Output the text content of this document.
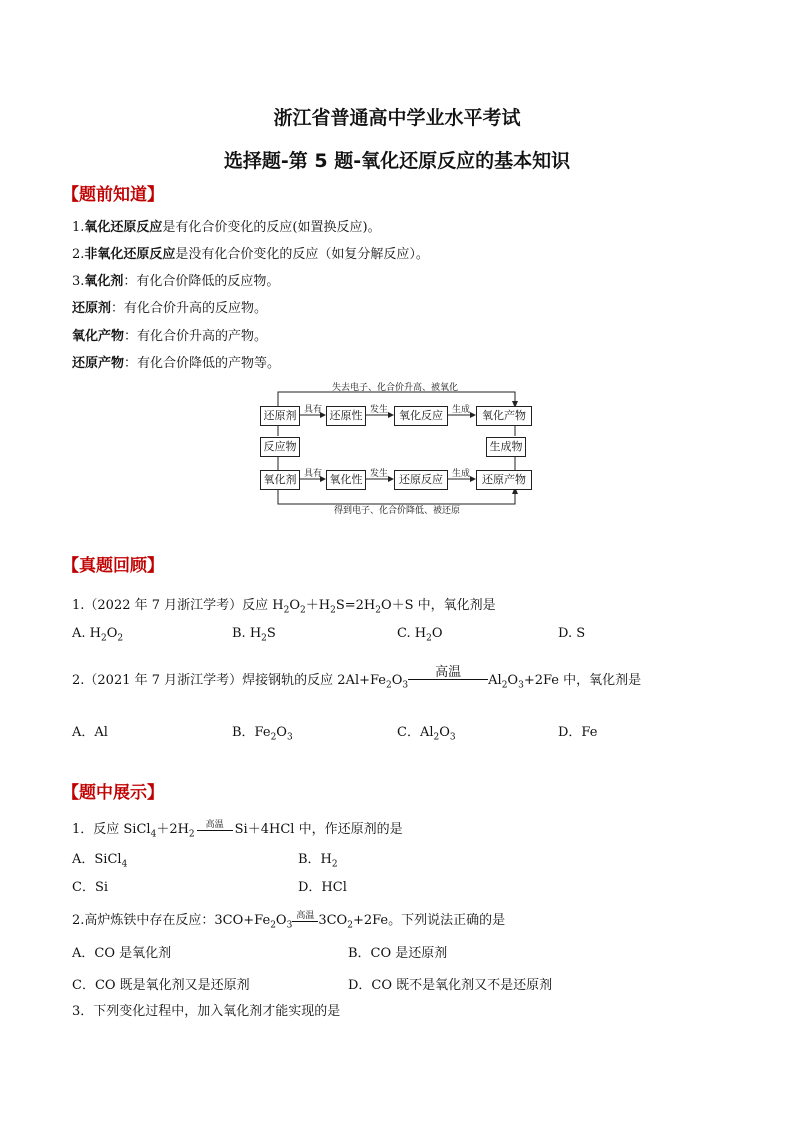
浙江省普通高中学业水平考试
选择题-第 5 题-氧化还原反应的基本知识
【题前知道】
1.氧化还原反应是有化合价变化的反应(如置换反应)。
2.非氧化还原反应是没有化合价变化的反应（如复分解反应）。
3.氧化剂：有化合价降低的反应物。
还原剂：有化合价升高的反应物。
氧化产物：有化合价升高的产物。
还原产物：有化合价降低的产物等。
失去电子、化合价升高、被氧化
得到电子、化合价降低、被还原
还原剂	还原性	氧化反应	氧化产物
反应物	生成物
氧化剂	氧化性	还原反应	还原产物
具有	发生	生成
具有	发生	生成
【真题回顾】
1.（2022 年 7 月浙江学考）反应 $H_2O_2+H_2S=2H_2O+S$ 中，氧化剂是
A. $H_2O_2$	B. $H_2S$	C. $H_2O$	D. S
2.（2021 年 7 月浙江学考）焊接钢轨的反应 $2Al+Fe_2O_3$
高温
$Al_2O_3+2Fe$ 中，氧化剂是
A．Al	B．$Fe_2O_3$	C．$Al_2O_3$	D．Fe
【题中展示】
1．反应 $SiCl_4+2H_2$
高温 Si＋4HCl 中，作还原剂的是
A．SiCl$_4$	B．$H_2$
C．Si	D．HCl
2.高炉炼铁中存在反应：$3CO+Fe_2O_3$
高温 $3CO_2+2Fe$。下列说法正确的是
A．CO 是氧化剂	B．CO 是还原剂
C．CO 既是氧化剂又是还原剂	D．CO 既不是氧化剂又不是还原剂
3．下列变化过程中，加入氧化剂才能实现的是
